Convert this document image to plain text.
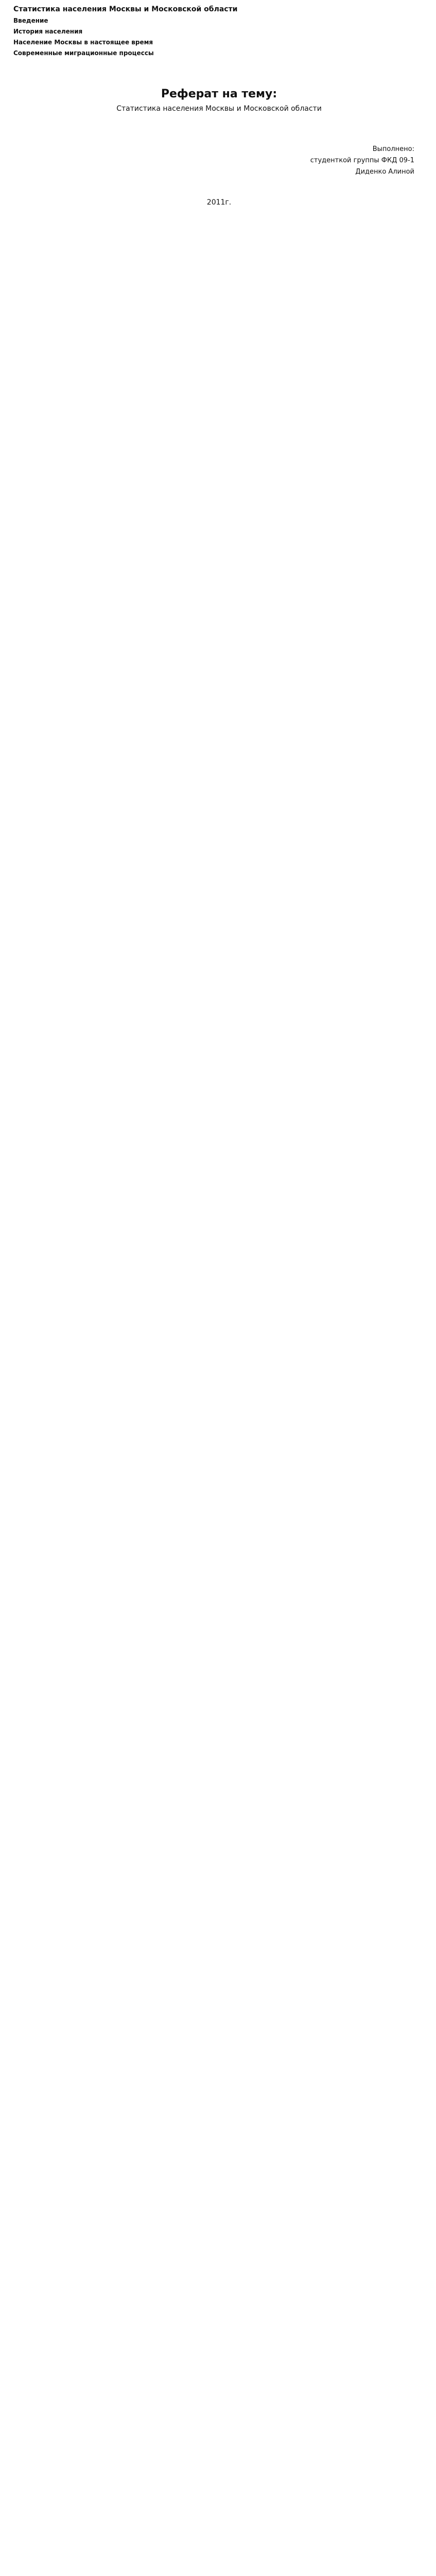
Статистика населения Москвы и Московской области
Введение
История населения
Население Москвы в настоящее время
Современные миграционные процессы
Реферат на тему:
Статистика населения Москвы и Московской области
Выполнено:
студенткой группы ФКД 09-1
Диденко Алиной
2011г.
